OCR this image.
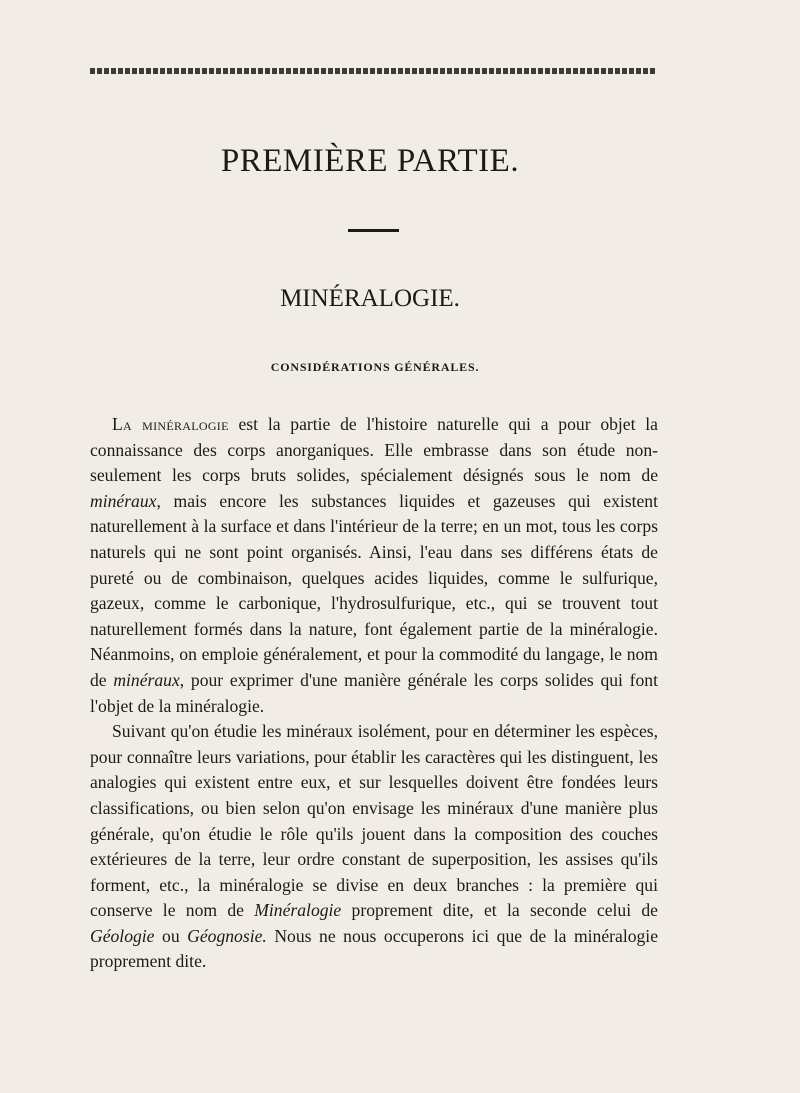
PREMIÈRE PARTIE.
MINÉRALOGIE.
CONSIDÉRATIONS GÉNÉRALES.

La minéralogie est la partie de l'histoire naturelle qui a pour objet la connaissance des corps anorganiques. Elle embrasse dans son étude non-seulement les corps bruts solides, spécialement désignés sous le nom de minéraux, mais encore les substances liquides et gazeuses qui existent naturellement à la surface et dans l'intérieur de la terre; en un mot, tous les corps naturels qui ne sont point organisés. Ainsi, l'eau dans ses différens états de pureté ou de combinaison, quelques acides liquides, comme le sulfurique, gazeux, comme le carbonique, l'hydrosulfurique, etc., qui se trouvent tout naturellement formés dans la nature, font également partie de la minéralogie. Néanmoins, on emploie généralement, et pour la commodité du langage, le nom de minéraux, pour exprimer d'une manière générale les corps solides qui font l'objet de la minéralogie.

Suivant qu'on étudie les minéraux isolément, pour en déterminer les espèces, pour connaître leurs variations, pour établir les caractères qui les distinguent, les analogies qui existent entre eux, et sur lesquelles doivent être fondées leurs classifications, ou bien selon qu'on envisage les minéraux d'une manière plus générale, qu'on étudie le rôle qu'ils jouent dans la composition des couches extérieures de la terre, leur ordre constant de superposition, les assises qu'ils forment, etc., la minéralogie se divise en deux branches : la première qui conserve le nom de Minéralogie proprement dite, et la seconde celui de Géologie ou Géognosie. Nous ne nous occuperons ici que de la minéralogie proprement dite.
